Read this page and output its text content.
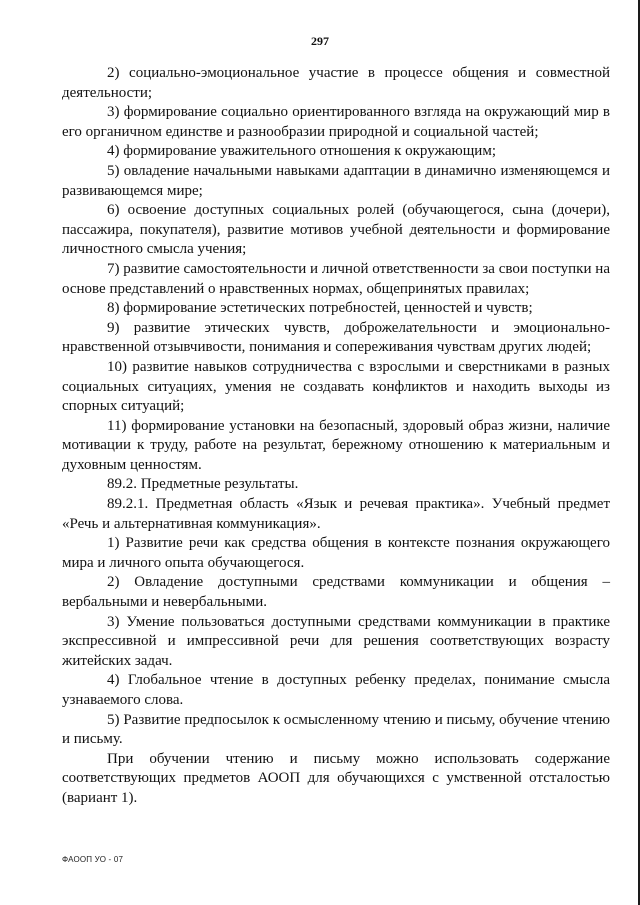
297

2) социально-эмоциональное участие в процессе общения и совместной деятельности;

3) формирование социально ориентированного взгляда на окружающий мир в его органичном единстве и разнообразии природной и социальной частей;

4) формирование уважительного отношения к окружающим;

5) овладение начальными навыками адаптации в динамично изменяющемся и развивающемся мире;

6) освоение доступных социальных ролей (обучающегося, сына (дочери), пассажира, покупателя), развитие мотивов учебной деятельности и формирование личностного смысла учения;

7) развитие самостоятельности и личной ответственности за свои поступки на основе представлений о нравственных нормах, общепринятых правилах;

8) формирование эстетических потребностей, ценностей и чувств;

9) развитие этических чувств, доброжелательности и эмоционально-нравственной отзывчивости, понимания и сопереживания чувствам других людей;

10) развитие навыков сотрудничества с взрослыми и сверстниками в разных социальных ситуациях, умения не создавать конфликтов и находить выходы из спорных ситуаций;

11) формирование установки на безопасный, здоровый образ жизни, наличие мотивации к труду, работе на результат, бережному отношению к материальным и духовным ценностям.

89.2. Предметные результаты.

89.2.1. Предметная область «Язык и речевая практика». Учебный предмет «Речь и альтернативная коммуникация».

1) Развитие речи как средства общения в контексте познания окружающего мира и личного опыта обучающегося.

2) Овладение доступными средствами коммуникации и общения – вербальными и невербальными.

3) Умение пользоваться доступными средствами коммуникации в практике экспрессивной и импрессивной речи для решения соответствующих возрасту житейских задач.

4) Глобальное чтение в доступных ребенку пределах, понимание смысла узнаваемого слова.

5) Развитие предпосылок к осмысленному чтению и письму, обучение чтению и письму.

При обучении чтению и письму можно использовать содержание соответствующих предметов АООП для обучающихся с умственной отсталостью (вариант 1).

ФАООП УО - 07
